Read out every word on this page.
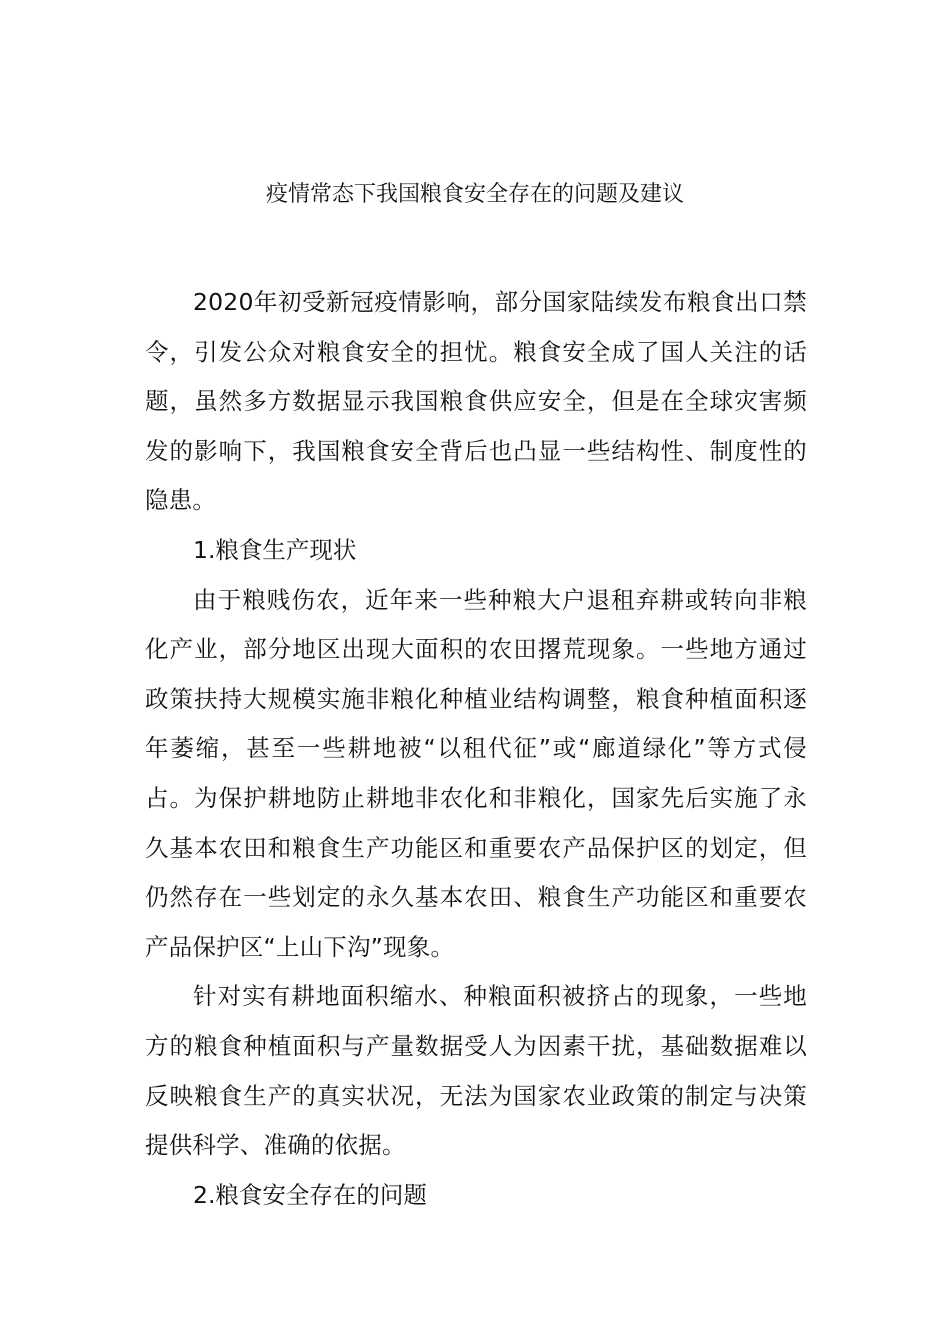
疫情常态下我国粮食安全存在的问题及建议

2020年初受新冠疫情影响，部分国家陆续发布粮食出口禁令，引发公众对粮食安全的担忧。粮食安全成了国人关注的话题，虽然多方数据显示我国粮食供应安全，但是在全球灾害频发的影响下，我国粮食安全背后也凸显一些结构性、制度性的隐患。

1.粮食生产现状

由于粮贱伤农，近年来一些种粮大户退租弃耕或转向非粮化产业，部分地区出现大面积的农田撂荒现象。一些地方通过政策扶持大规模实施非粮化种植业结构调整，粮食种植面积逐年萎缩，甚至一些耕地被“以租代征”或“廊道绿化”等方式侵占。为保护耕地防止耕地非农化和非粮化，国家先后实施了永久基本农田和粮食生产功能区和重要农产品保护区的划定，但仍然存在一些划定的永久基本农田、粮食生产功能区和重要农产品保护区“上山下沟”现象。

针对实有耕地面积缩水、种粮面积被挤占的现象，一些地方的粮食种植面积与产量数据受人为因素干扰，基础数据难以反映粮食生产的真实状况，无法为国家农业政策的制定与决策提供科学、准确的依据。

2.粮食安全存在的问题
